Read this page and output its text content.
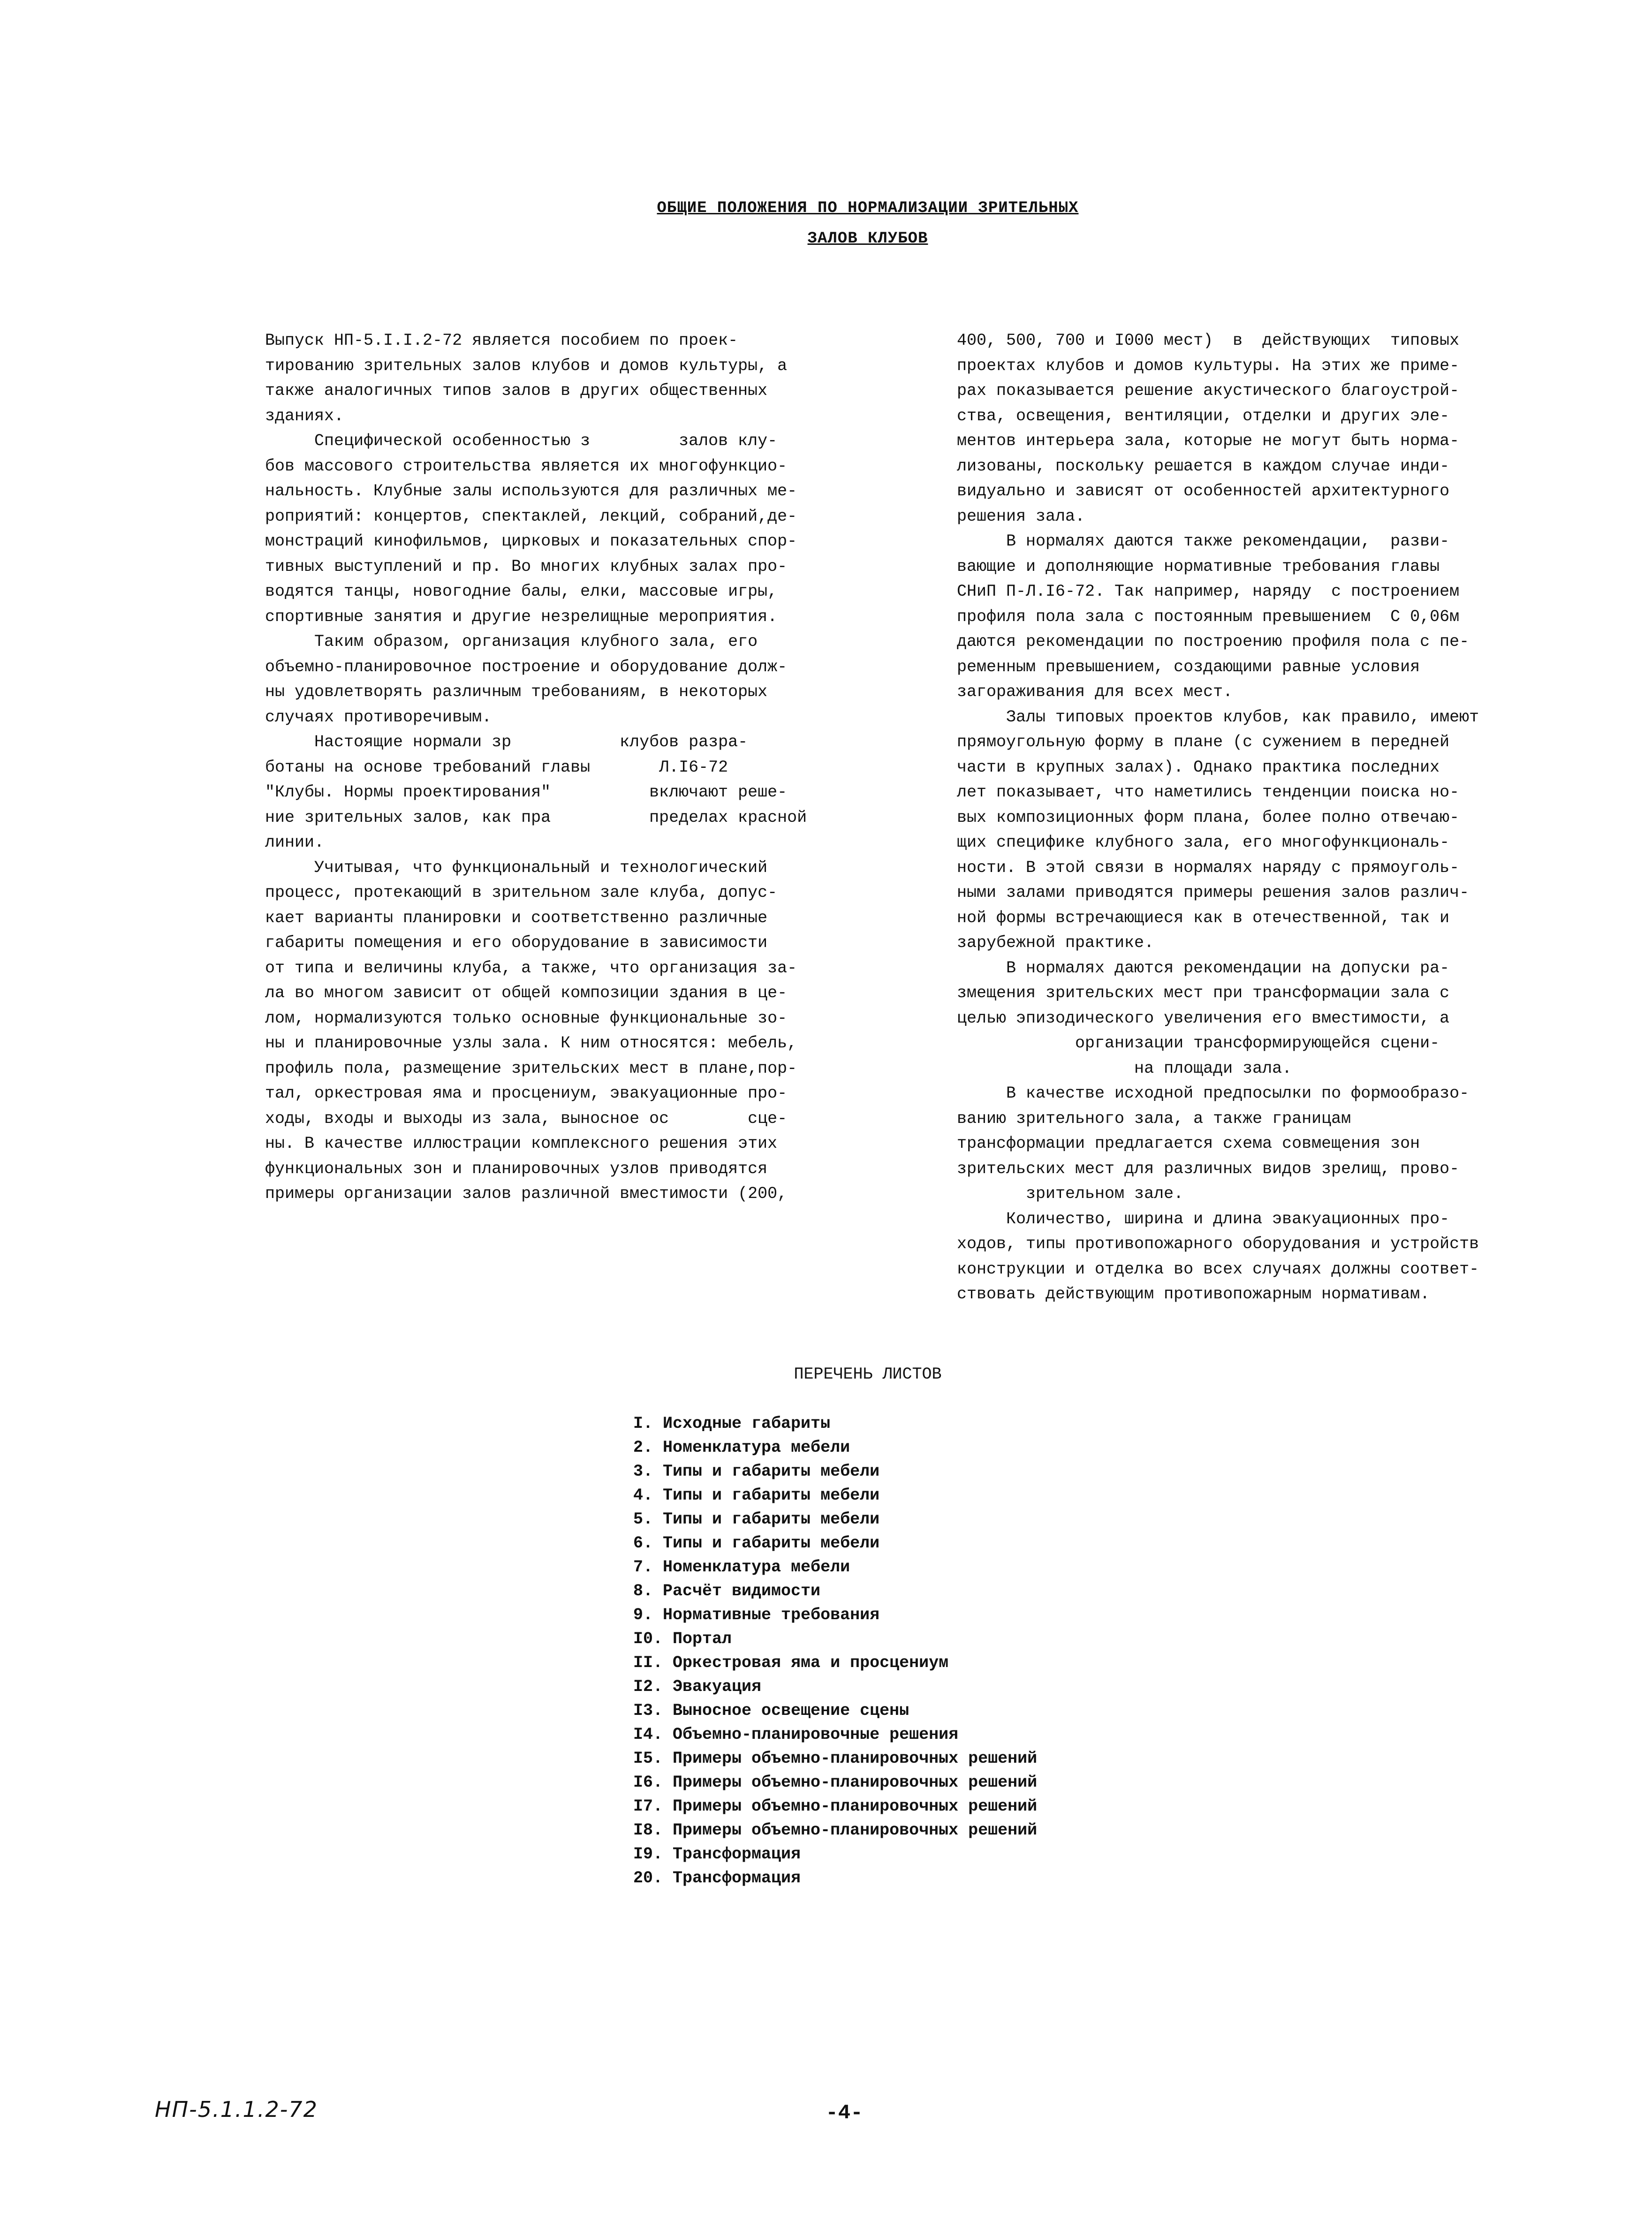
ОБЩИЕ ПОЛОЖЕНИЯ ПО НОРМАЛИЗАЦИИ ЗРИТЕЛЬНЫХ
ЗАЛОВ КЛУБОВ

Выпуск НП-5.I.I.2-72 является пособием по проек-

тированию зрительных залов клубов и домов культуры, а

также аналогичных типов залов в других общественных

зданиях.

Специфической особенностью з         залов клу-

бов массового строительства является их многофункцио-

нальность. Клубные залы используются для различных ме-

роприятий: концертов, спектаклей, лекций, собраний,де-

монстраций кинофильмов, цирковых и показательных спор-

тивных выступлений и пр. Во многих клубных залах про-

водятся танцы, новогодние балы, елки, массовые игры,

спортивные занятия и другие незрелищные мероприятия.

Таким образом, организация клубного зала, его

объемно-планировочное построение и оборудование долж-

ны удовлетворять различным требованиям, в некоторых

случаях противоречивым.

Настоящие нормали зр           клубов разра-

ботаны на основе требований главы       Л.I6-72

"Клубы. Нормы проектирования"          включают реше-

ние зрительных залов, как пра          пределах красной

линии.

Учитывая, что функциональный и технологический

процесс, протекающий в зрительном зале клуба, допус-

кает варианты планировки и соответственно различные

габариты помещения и его оборудование в зависимости

от типа и величины клуба, а также, что организация за-

ла во многом зависит от общей композиции здания в це-

лом, нормализуются только основные функциональные зо-

ны и планировочные узлы зала. К ним относятся: мебель,

профиль пола, размещение зрительских мест в плане,пор-

тал, оркестровая яма и просцениум, эвакуационные про-

ходы, входы и выходы из зала, выносное ос        сце-

ны. В качестве иллюстрации комплексного решения этих

функциональных зон и планировочных узлов приводятся

примеры организации залов различной вместимости (200,

400, 500, 700 и I000 мест)  в  действующих  типовых

проектах клубов и домов культуры. На этих же приме-

рах показывается решение акустического благоустрой-

ства, освещения, вентиляции, отделки и других эле-

ментов интерьера зала, которые не могут быть норма-

лизованы, поскольку решается в каждом случае инди-

видуально и зависят от особенностей архитектурного

решения зала.

В нормалях даются также рекомендации,  разви-

вающие и дополняющие нормативные требования главы

СНиП П-Л.I6-72. Так например, наряду  с построением

профиля пола зала с постоянным превышением  С 0,06м

даются рекомендации по построению профиля пола с пе-

ременным превышением, создающими равные условия

загораживания для всех мест.

Залы типовых проектов клубов, как правило, имеют

прямоугольную форму в плане (с сужением в передней

части в крупных залах). Однако практика последних

лет показывает, что наметились тенденции поиска но-

вых композиционных форм плана, более полно отвечаю-

щих специфике клубного зала, его многофункциональ-

ности. В этой связи в нормалях наряду с прямоуголь-

ными залами приводятся примеры решения залов различ-

ной формы встречающиеся как в отечественной, так и

зарубежной практике.

В нормалях даются рекомендации на допуски ра-

змещения зрительских мест при трансформации зала с

целью эпизодического увеличения его вместимости, а

организации трансформирующейся сцени-

на площади зала.

В качестве исходной предпосылки по формообразо-

ванию зрительного зала, а также границам

трансформации предлагается схема совмещения зон

зрительских мест для различных видов зрелищ, прово-

зрительном зале.

Количество, ширина и длина эвакуационных про-

ходов, типы противопожарного оборудования и устройств

конструкции и отделка во всех случаях должны соответ-

ствовать действующим противопожарным нормативам.

ПЕРЕЧЕНЬ ЛИСТОВ
I. Исходные габариты
2. Номенклатура мебели
3. Типы и габариты мебели
4. Типы и габариты мебели
5. Типы и габариты мебели
6. Типы и габариты мебели
7. Номенклатура мебели
8. Расчёт видимости
9. Нормативные требования
I0. Портал
II. Оркестровая яма и просцениум
I2. Эвакуация
I3. Выносное освещение сцены
I4. Объемно-планировочные решения
I5. Примеры объемно-планировочных решений
I6. Примеры объемно-планировочных решений
I7. Примеры объемно-планировочных решений
I8. Примеры объемно-планировочных решений
I9. Трансформация
20. Трансформация
НП-5.1.1.2-72	-4-
